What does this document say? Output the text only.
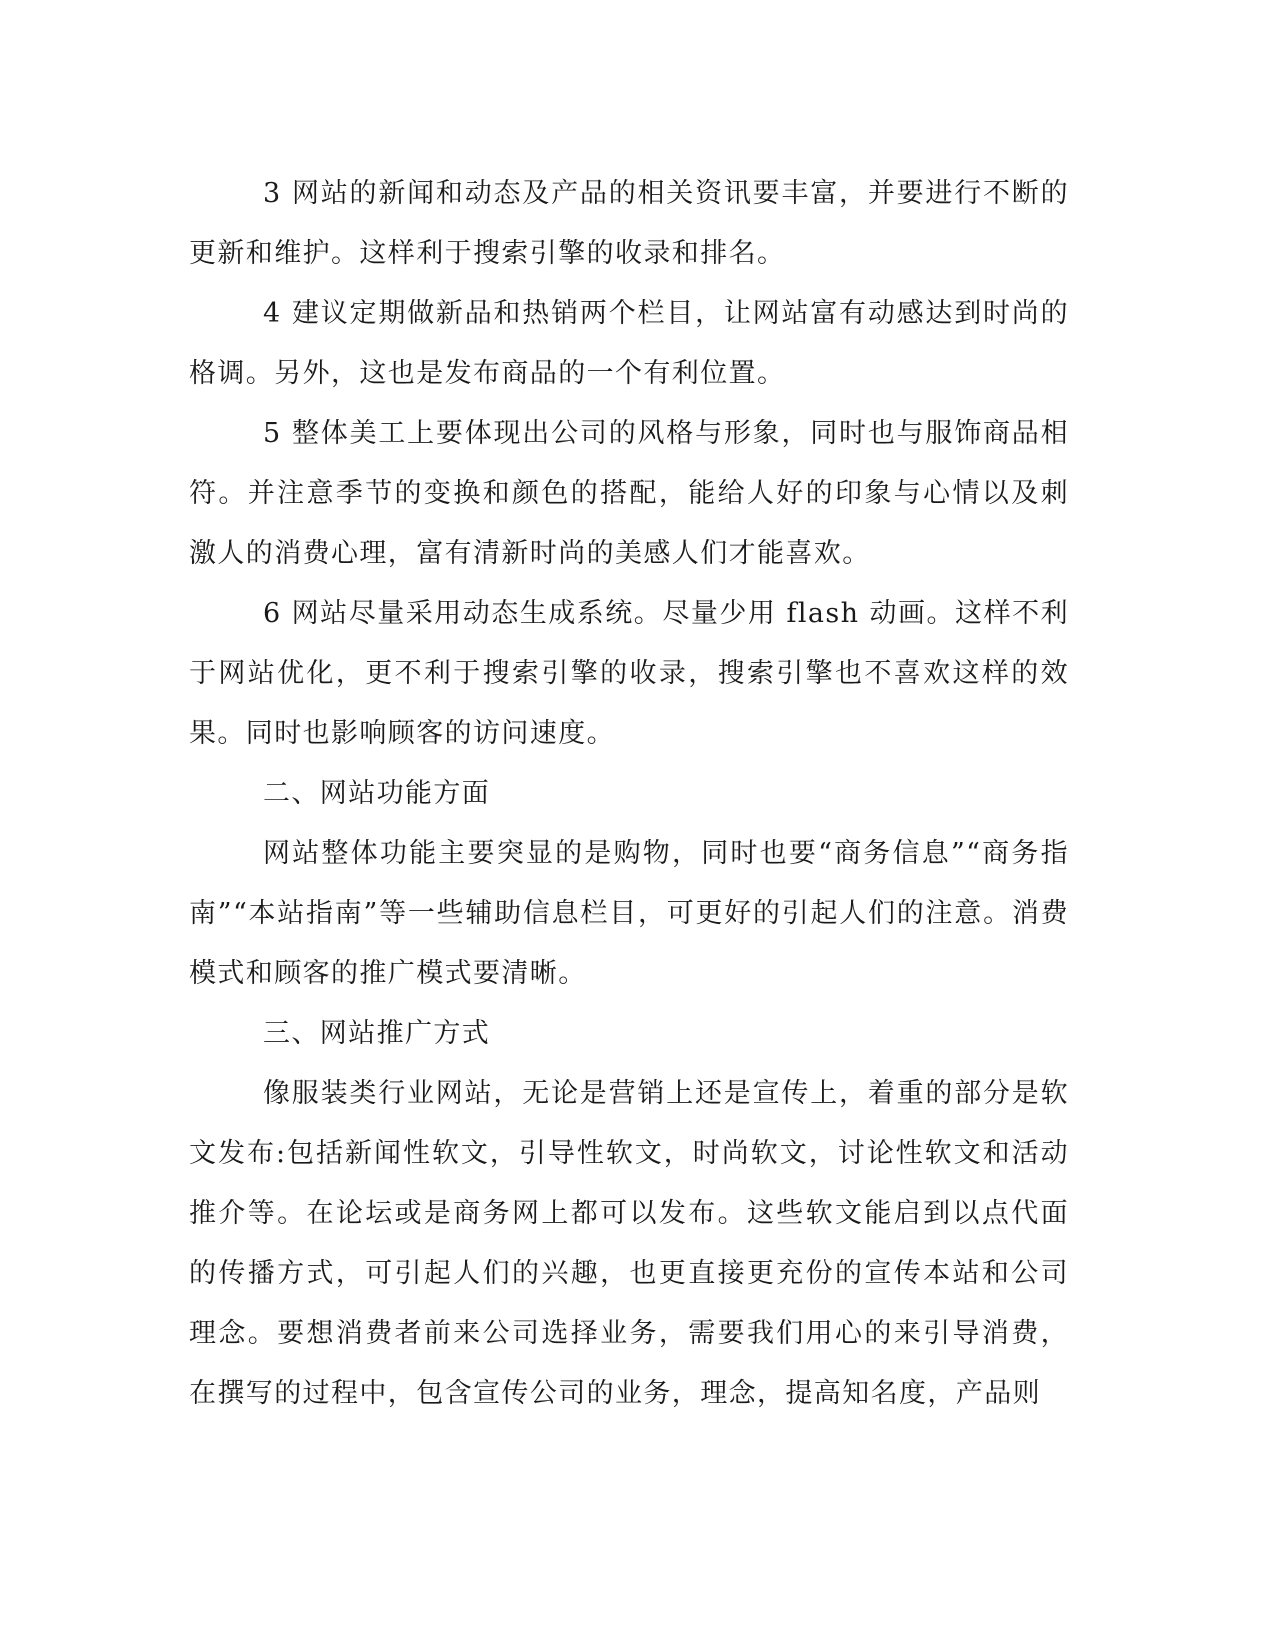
3 网站的新闻和动态及产品的相关资讯要丰富，并要进行不断的更新和维护。这样利于搜索引擎的收录和排名。

4 建议定期做新品和热销两个栏目，让网站富有动感达到时尚的格调。另外，这也是发布商品的一个有利位置。

5 整体美工上要体现出公司的风格与形象，同时也与服饰商品相符。并注意季节的变换和颜色的搭配，能给人好的印象与心情以及刺激人的消费心理，富有清新时尚的美感人们才能喜欢。

6 网站尽量采用动态生成系统。尽量少用 flash 动画。这样不利于网站优化，更不利于搜索引擎的收录，搜索引擎也不喜欢这样的效果。同时也影响顾客的访问速度。

二、网站功能方面

网站整体功能主要突显的是购物，同时也要“商务信息”“商务指南”“本站指南”等一些辅助信息栏目，可更好的引起人们的注意。消费模式和顾客的推广模式要清晰。

三、网站推广方式

像服装类行业网站，无论是营销上还是宣传上，着重的部分是软文发布:包括新闻性软文，引导性软文，时尚软文，讨论性软文和活动推介等。在论坛或是商务网上都可以发布。这些软文能启到以点代面的传播方式，可引起人们的兴趣，也更直接更充份的宣传本站和公司理念。要想消费者前来公司选择业务，需要我们用心的来引导消费，在撰写的过程中，包含宣传公司的业务，理念，提高知名度，产品则
